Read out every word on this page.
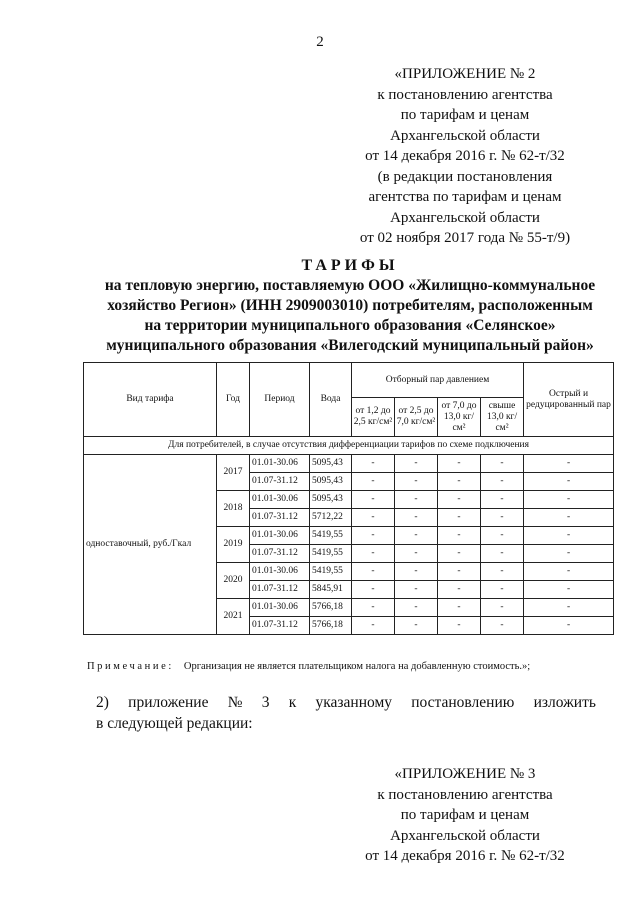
2
«ПРИЛОЖЕНИЕ № 2
к постановлению агентства
по тарифам и ценам
Архангельской области
от 14 декабря 2016 г. № 62-т/32
(в редакции постановления
агентства по тарифам и ценам
Архангельской области
от 02 ноября 2017 года № 55-т/9)
ТАРИФЫ
на тепловую энергию, поставляемую ООО «Жилищно-коммунальное
хозяйство Регион» (ИНН 2909003010) потребителям, расположенным
на территории муниципального образования «Селянское»
муниципального образования «Вилегодский муниципальный район»
Вид тарифа	Год	Период	Вода	Отборный пар давлением				Острый и редуцированный пар
				от 1,2 до 2,5 кг/см²	от 2,5 до 7,0 кг/см²	от 7,0 до 13,0 кг/см²	свыше 13,0 кг/см²	
Для потребителей, в случае отсутствия дифференциации тарифов по схеме подключения								
одноставочный, руб./Гкал	2017	01.01-30.06	5095,43	-	-	-	-	-
		01.07-31.12	5095,43	-	-	-	-	-
	2018	01.01-30.06	5095,43	-	-	-	-	-
		01.07-31.12	5712,22	-	-	-	-	-
	2019	01.01-30.06	5419,55	-	-	-	-	-
		01.07-31.12	5419,55	-	-	-	-	-
	2020	01.01-30.06	5419,55	-	-	-	-	-
		01.07-31.12	5845,91	-	-	-	-	-
	2021	01.01-30.06	5766,18	-	-	-	-	-
		01.07-31.12	5766,18	-	-	-	-	-
Примечание: Организация не является плательщиком налога на добавленную стоимость.»;
2) приложение № 3 к указанному постановлению изложить
в следующей редакции:
«ПРИЛОЖЕНИЕ № 3
к постановлению агентства
по тарифам и ценам
Архангельской области
от 14 декабря 2016 г. № 62-т/32
